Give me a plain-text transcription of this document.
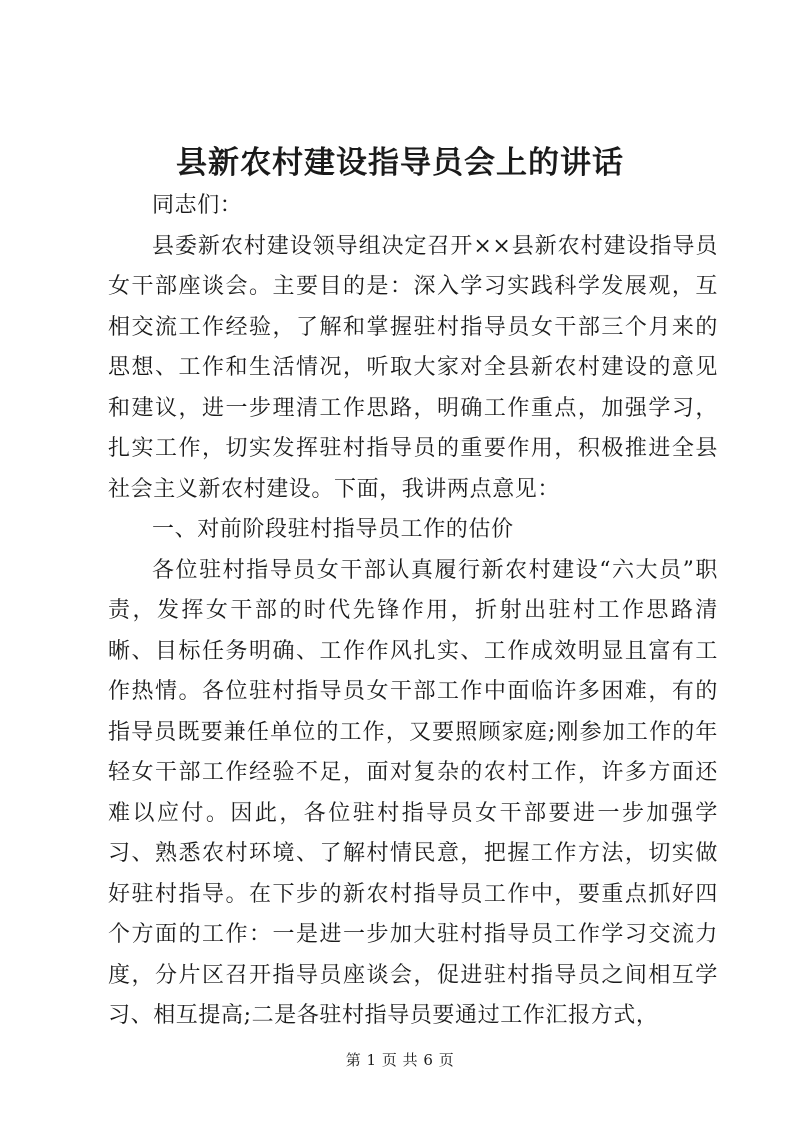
县新农村建设指导员会上的讲话

同志们：

县委新农村建设领导组决定召开××县新农村建设指导员女干部座谈会。主要目的是：深入学习实践科学发展观，互相交流工作经验，了解和掌握驻村指导员女干部三个月来的思想、工作和生活情况，听取大家对全县新农村建设的意见和建议，进一步理清工作思路，明确工作重点，加强学习，扎实工作，切实发挥驻村指导员的重要作用，积极推进全县社会主义新农村建设。下面，我讲两点意见：

一、对前阶段驻村指导员工作的估价

各位驻村指导员女干部认真履行新农村建设“六大员”职责，发挥女干部的时代先锋作用，折射出驻村工作思路清晰、目标任务明确、工作作风扎实、工作成效明显且富有工作热情。各位驻村指导员女干部工作中面临许多困难，有的指导员既要兼任单位的工作，又要照顾家庭;刚参加工作的年轻女干部工作经验不足，面对复杂的农村工作，许多方面还难以应付。因此，各位驻村指导员女干部要进一步加强学习、熟悉农村环境、了解村情民意，把握工作方法，切实做好驻村指导。在下步的新农村指导员工作中，要重点抓好四个方面的工作：一是进一步加大驻村指导员工作学习交流力度，分片区召开指导员座谈会，促进驻村指导员之间相互学习、相互提高;二是各驻村指导员要通过工作汇报方式，

第 1 页 共 6 页
